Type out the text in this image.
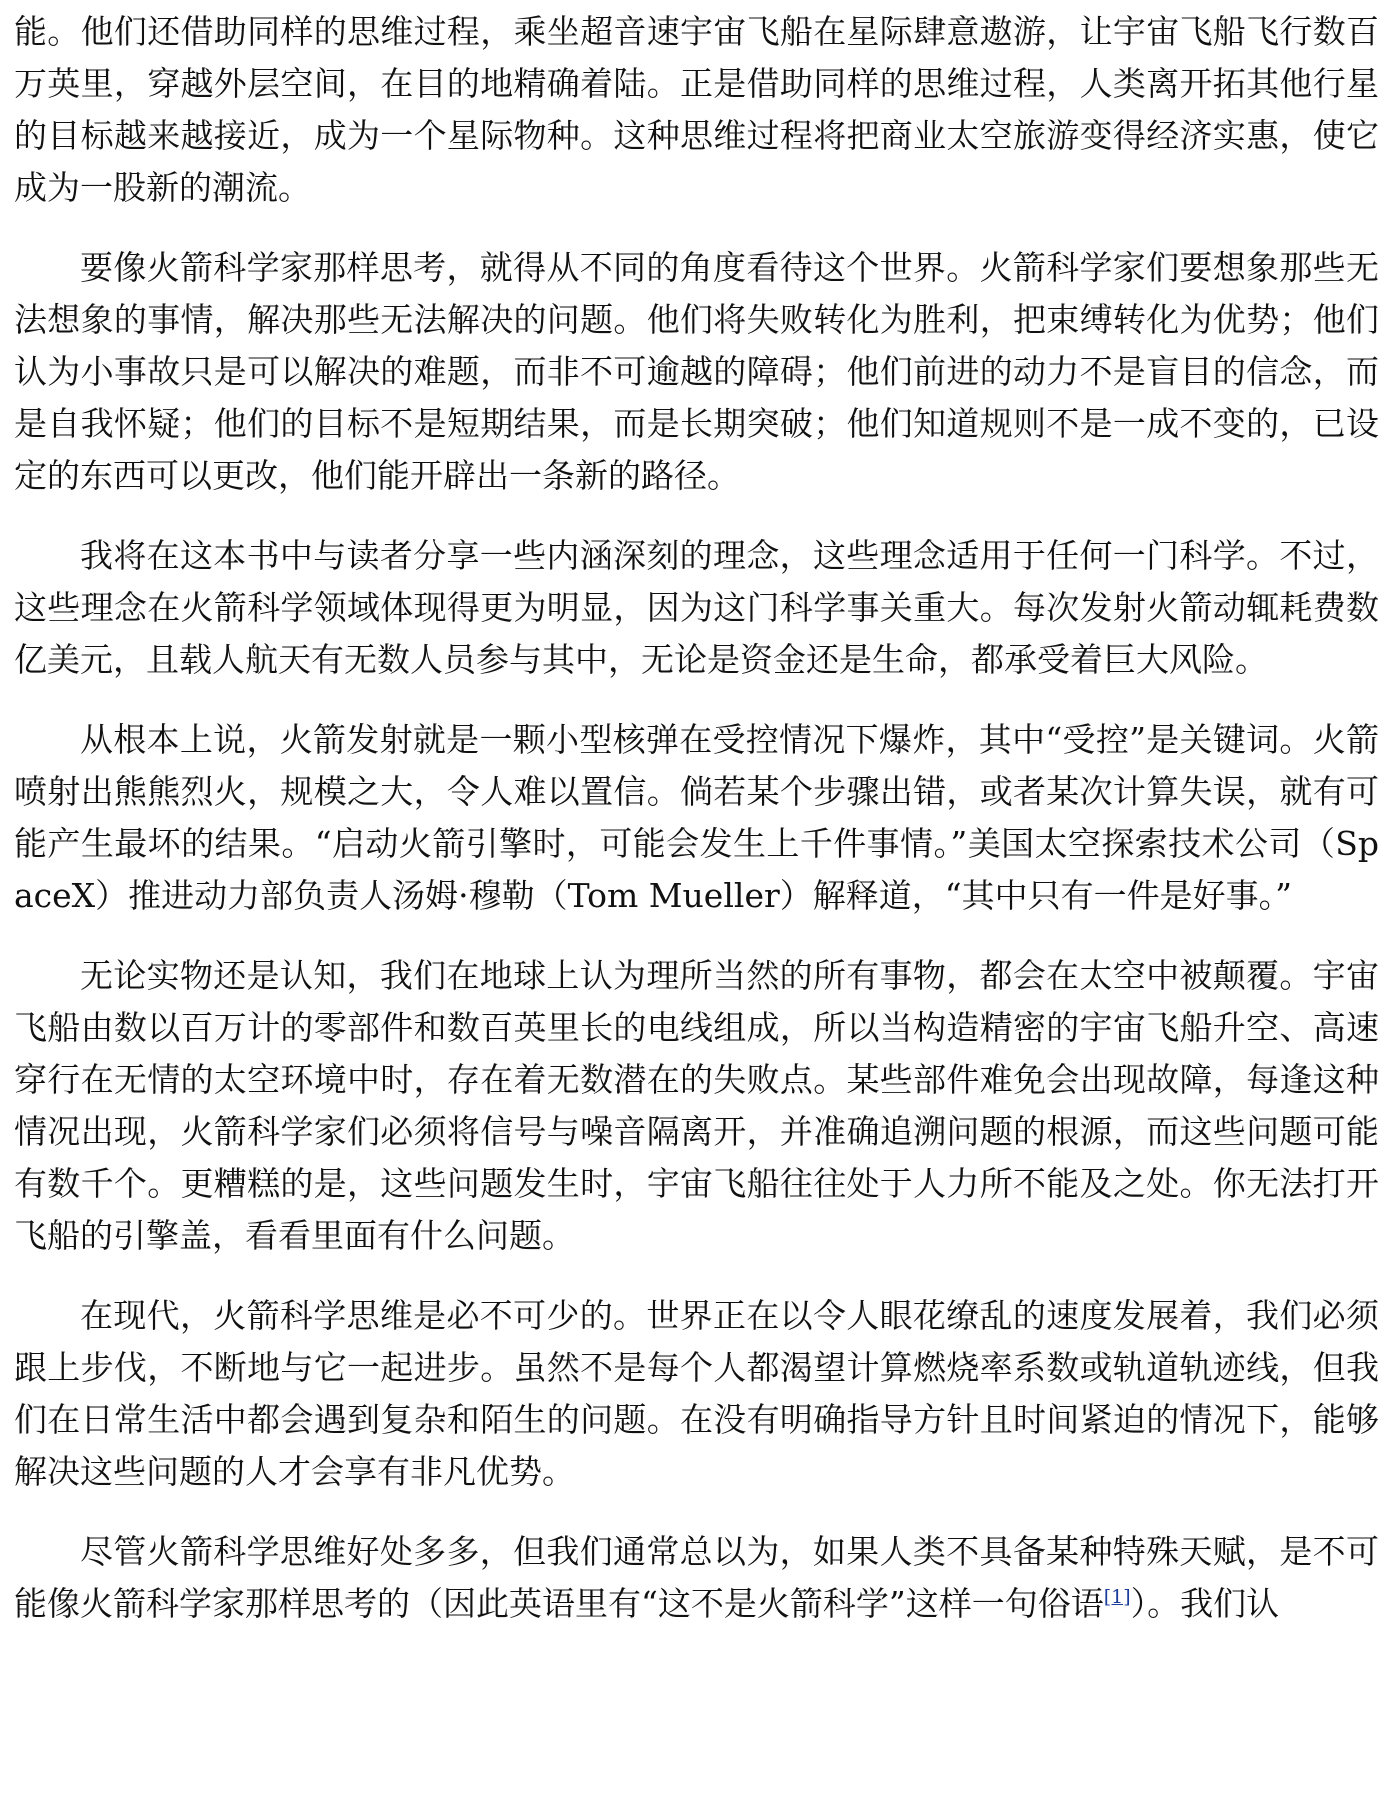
能。他们还借助同样的思维过程，乘坐超音速宇宙飞船在星际肆意遨游，让宇宙飞船飞行数百万英里，穿越外层空间，在目的地精确着陆。正是借助同样的思维过程，人类离开拓其他行星的目标越来越接近，成为一个星际物种。这种思维过程将把商业太空旅游变得经济实惠，使它成为一股新的潮流。

要像火箭科学家那样思考，就得从不同的角度看待这个世界。火箭科学家们要想象那些无法想象的事情，解决那些无法解决的问题。他们将失败转化为胜利，把束缚转化为优势；他们认为小事故只是可以解决的难题，而非不可逾越的障碍；他们前进的动力不是盲目的信念，而是自我怀疑；他们的目标不是短期结果，而是长期突破；他们知道规则不是一成不变的，已设定的东西可以更改，他们能开辟出一条新的路径。

我将在这本书中与读者分享一些内涵深刻的理念，这些理念适用于任何一门科学。不过，这些理念在火箭科学领域体现得更为明显，因为这门科学事关重大。每次发射火箭动辄耗费数亿美元，且载人航天有无数人员参与其中，无论是资金还是生命，都承受着巨大风险。

从根本上说，火箭发射就是一颗小型核弹在受控情况下爆炸，其中“受控”是关键词。火箭喷射出熊熊烈火，规模之大，令人难以置信。倘若某个步骤出错，或者某次计算失误，就有可能产生最坏的结果。“启动火箭引擎时，可能会发生上千件事情。”美国太空探索技术公司（SpaceX）推进动力部负责人汤姆·穆勒（Tom Mueller）解释道，“其中只有一件是好事。”

无论实物还是认知，我们在地球上认为理所当然的所有事物，都会在太空中被颠覆。宇宙飞船由数以百万计的零部件和数百英里长的电线组成，所以当构造精密的宇宙飞船升空、高速穿行在无情的太空环境中时，存在着无数潜在的失败点。某些部件难免会出现故障，每逢这种情况出现，火箭科学家们必须将信号与噪音隔离开，并准确追溯问题的根源，而这些问题可能有数千个。更糟糕的是，这些问题发生时，宇宙飞船往往处于人力所不能及之处。你无法打开飞船的引擎盖，看看里面有什么问题。

在现代，火箭科学思维是必不可少的。世界正在以令人眼花缭乱的速度发展着，我们必须跟上步伐，不断地与它一起进步。虽然不是每个人都渴望计算燃烧率系数或轨道轨迹线，但我们在日常生活中都会遇到复杂和陌生的问题。在没有明确指导方针且时间紧迫的情况下，能够解决这些问题的人才会享有非凡优势。

尽管火箭科学思维好处多多，但我们通常总以为，如果人类不具备某种特殊天赋，是不可能像火箭科学家那样思考的（因此英语里有“这不是火箭科学”这样一句俗语[1]）。我们认
